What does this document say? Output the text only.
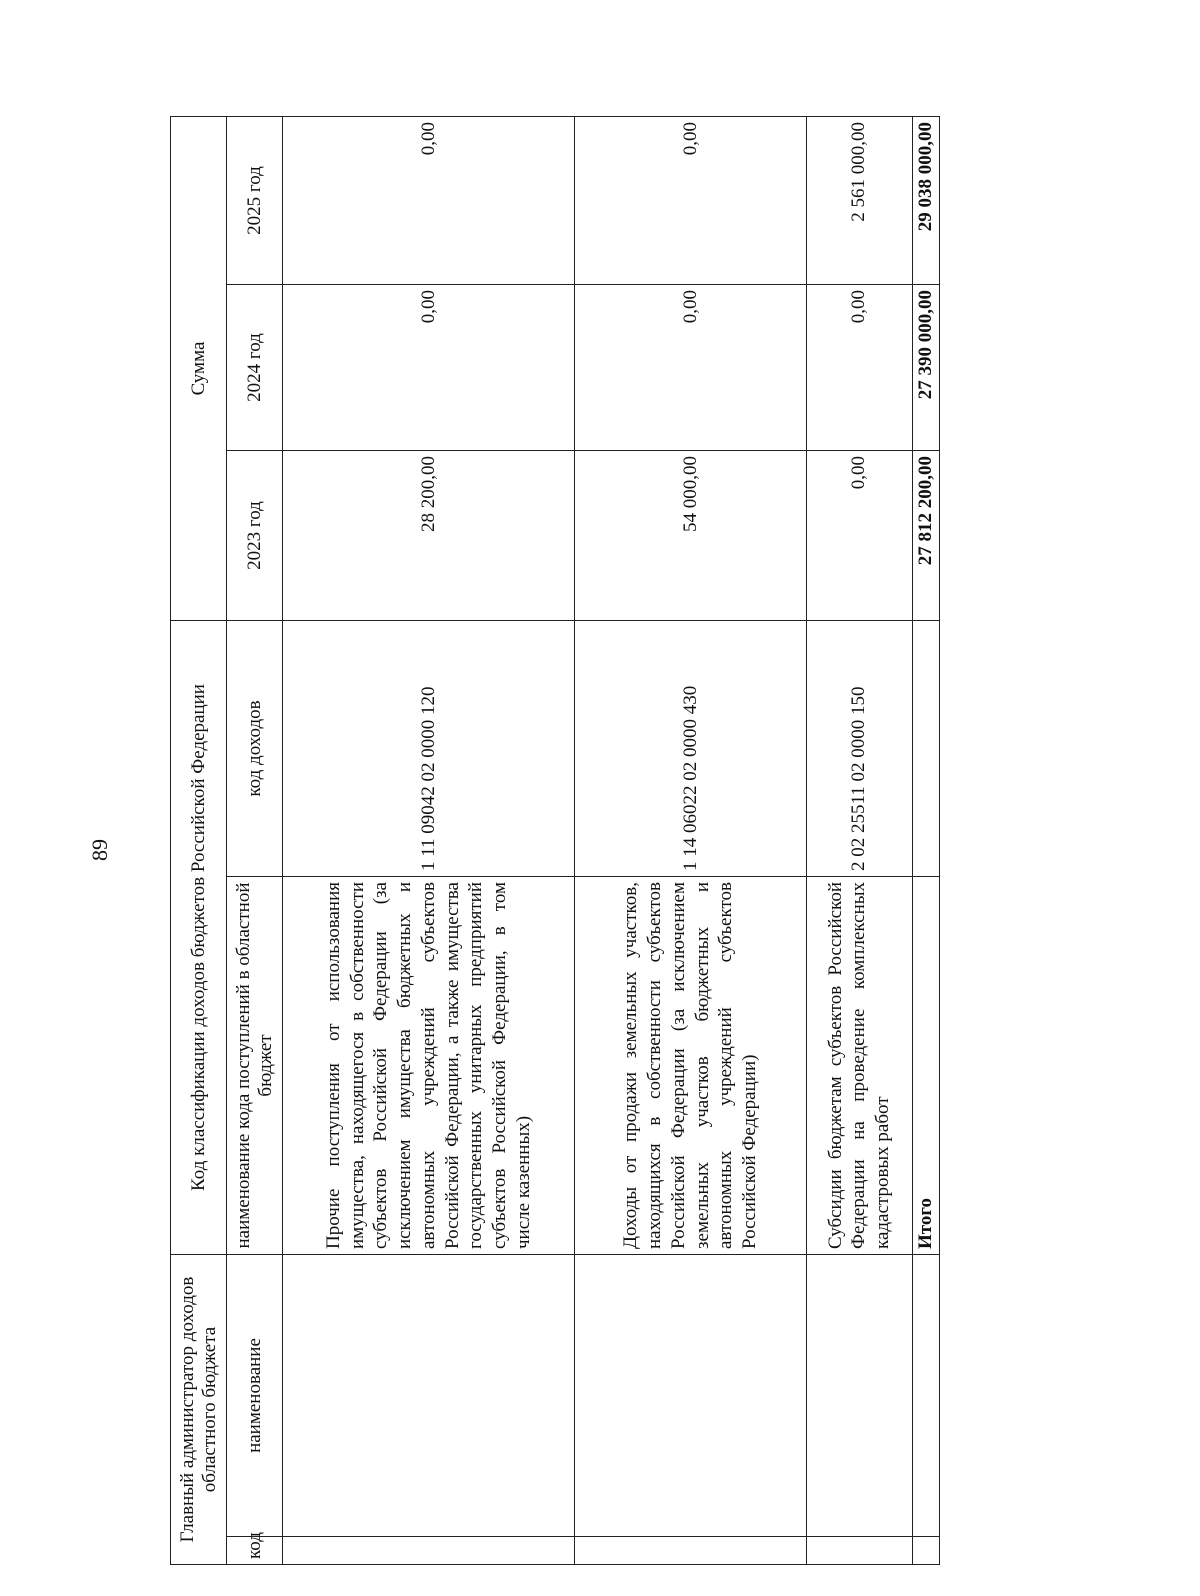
89
Главный администратор доходов областного бюджета		Код классификации доходов бюджетов Российской Федерации		Сумма		
код	наименование	наименование кода поступлений в областной бюджет	код доходов	2023 год	2024 год	2025 год
		Прочие поступления от использования имущества, находящегося в собственности субъектов Российской Федерации (за исключением имущества бюджетных и автономных учреждений субъектов Российской Федерации, а также имущества государственных унитарных предприятий субъектов Российской Федерации, в том числе казенных)	1 11 09042 02 0000 120	28 200,00	0,00	0,00
		Доходы от продажи земельных участков, находящихся в собственности субъектов Российской Федерации (за исключением земельных участков бюджетных и автономных учреждений субъектов Российской Федерации)	1 14 06022 02 0000 430	54 000,00	0,00	0,00
		Субсидии бюджетам субъектов Российской Федерации на проведение комплексных кадастровых работ	2 02 25511 02 0000 150	0,00	0,00	2 561 000,00
		Итого		27 812 200,00	27 390 000,00	29 038 000,00
